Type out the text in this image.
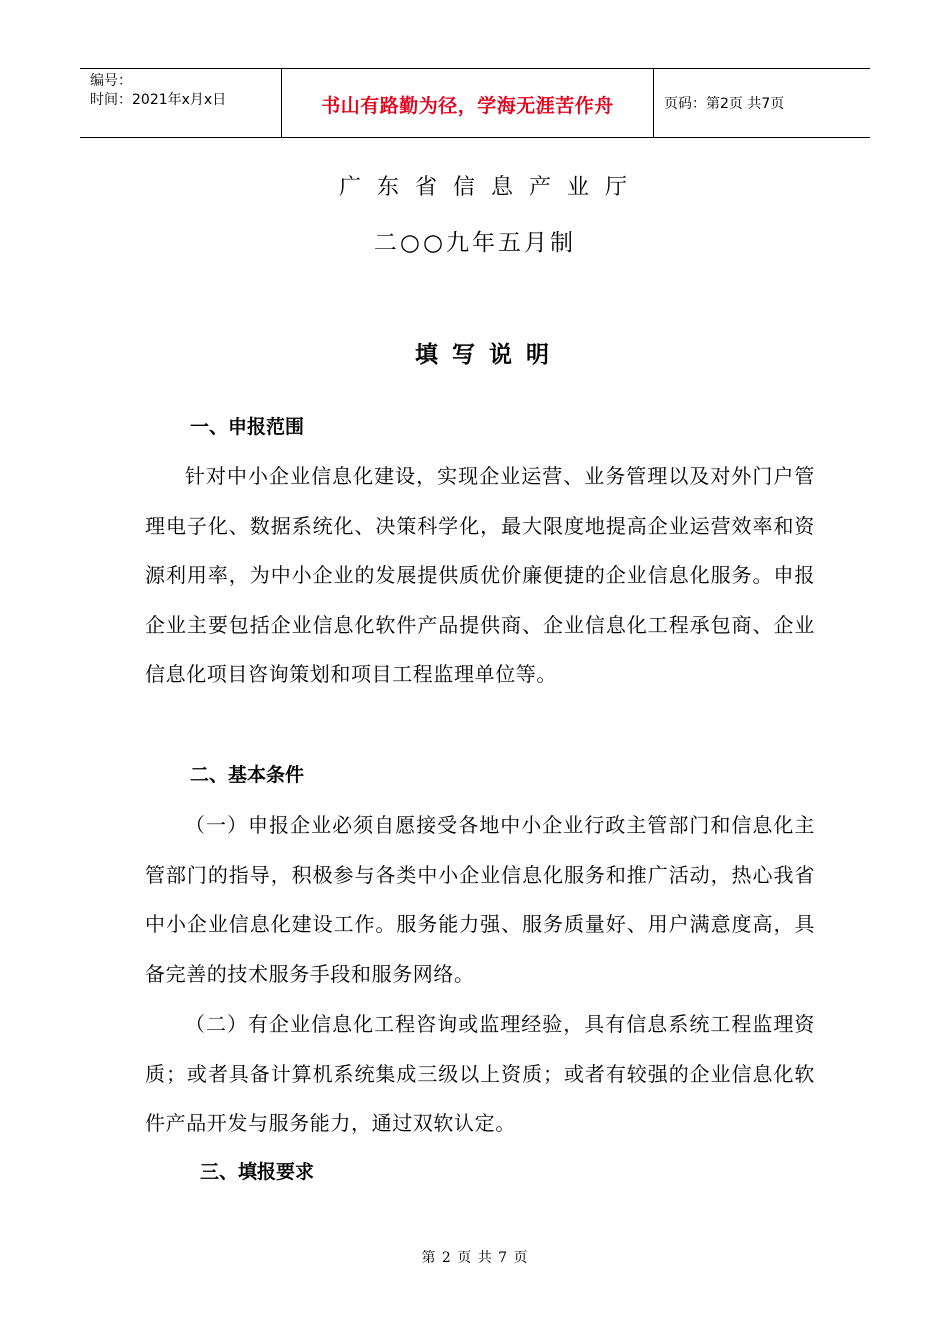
编号：
时间：2021年x月x日	书山有路勤为径，学海无涯苦作舟	页码：第2页 共7页
广东省信息产业厅
二○○九年五月制
填写说明
一、申报范围
针对中小企业信息化建设，实现企业运营、业务管理以及对外门户管理电子化、数据系统化、决策科学化，最大限度地提高企业运营效率和资源利用率，为中小企业的发展提供质优价廉便捷的企业信息化服务。申报企业主要包括企业信息化软件产品提供商、企业信息化工程承包商、企业信息化项目咨询策划和项目工程监理单位等。
二、基本条件
（一）申报企业必须自愿接受各地中小企业行政主管部门和信息化主管部门的指导，积极参与各类中小企业信息化服务和推广活动，热心我省中小企业信息化建设工作。服务能力强、服务质量好、用户满意度高，具备完善的技术服务手段和服务网络。
（二）有企业信息化工程咨询或监理经验，具有信息系统工程监理资质；或者具备计算机系统集成三级以上资质；或者有较强的企业信息化软件产品开发与服务能力，通过双软认定。
三、填报要求
第 2 页 共 7 页
